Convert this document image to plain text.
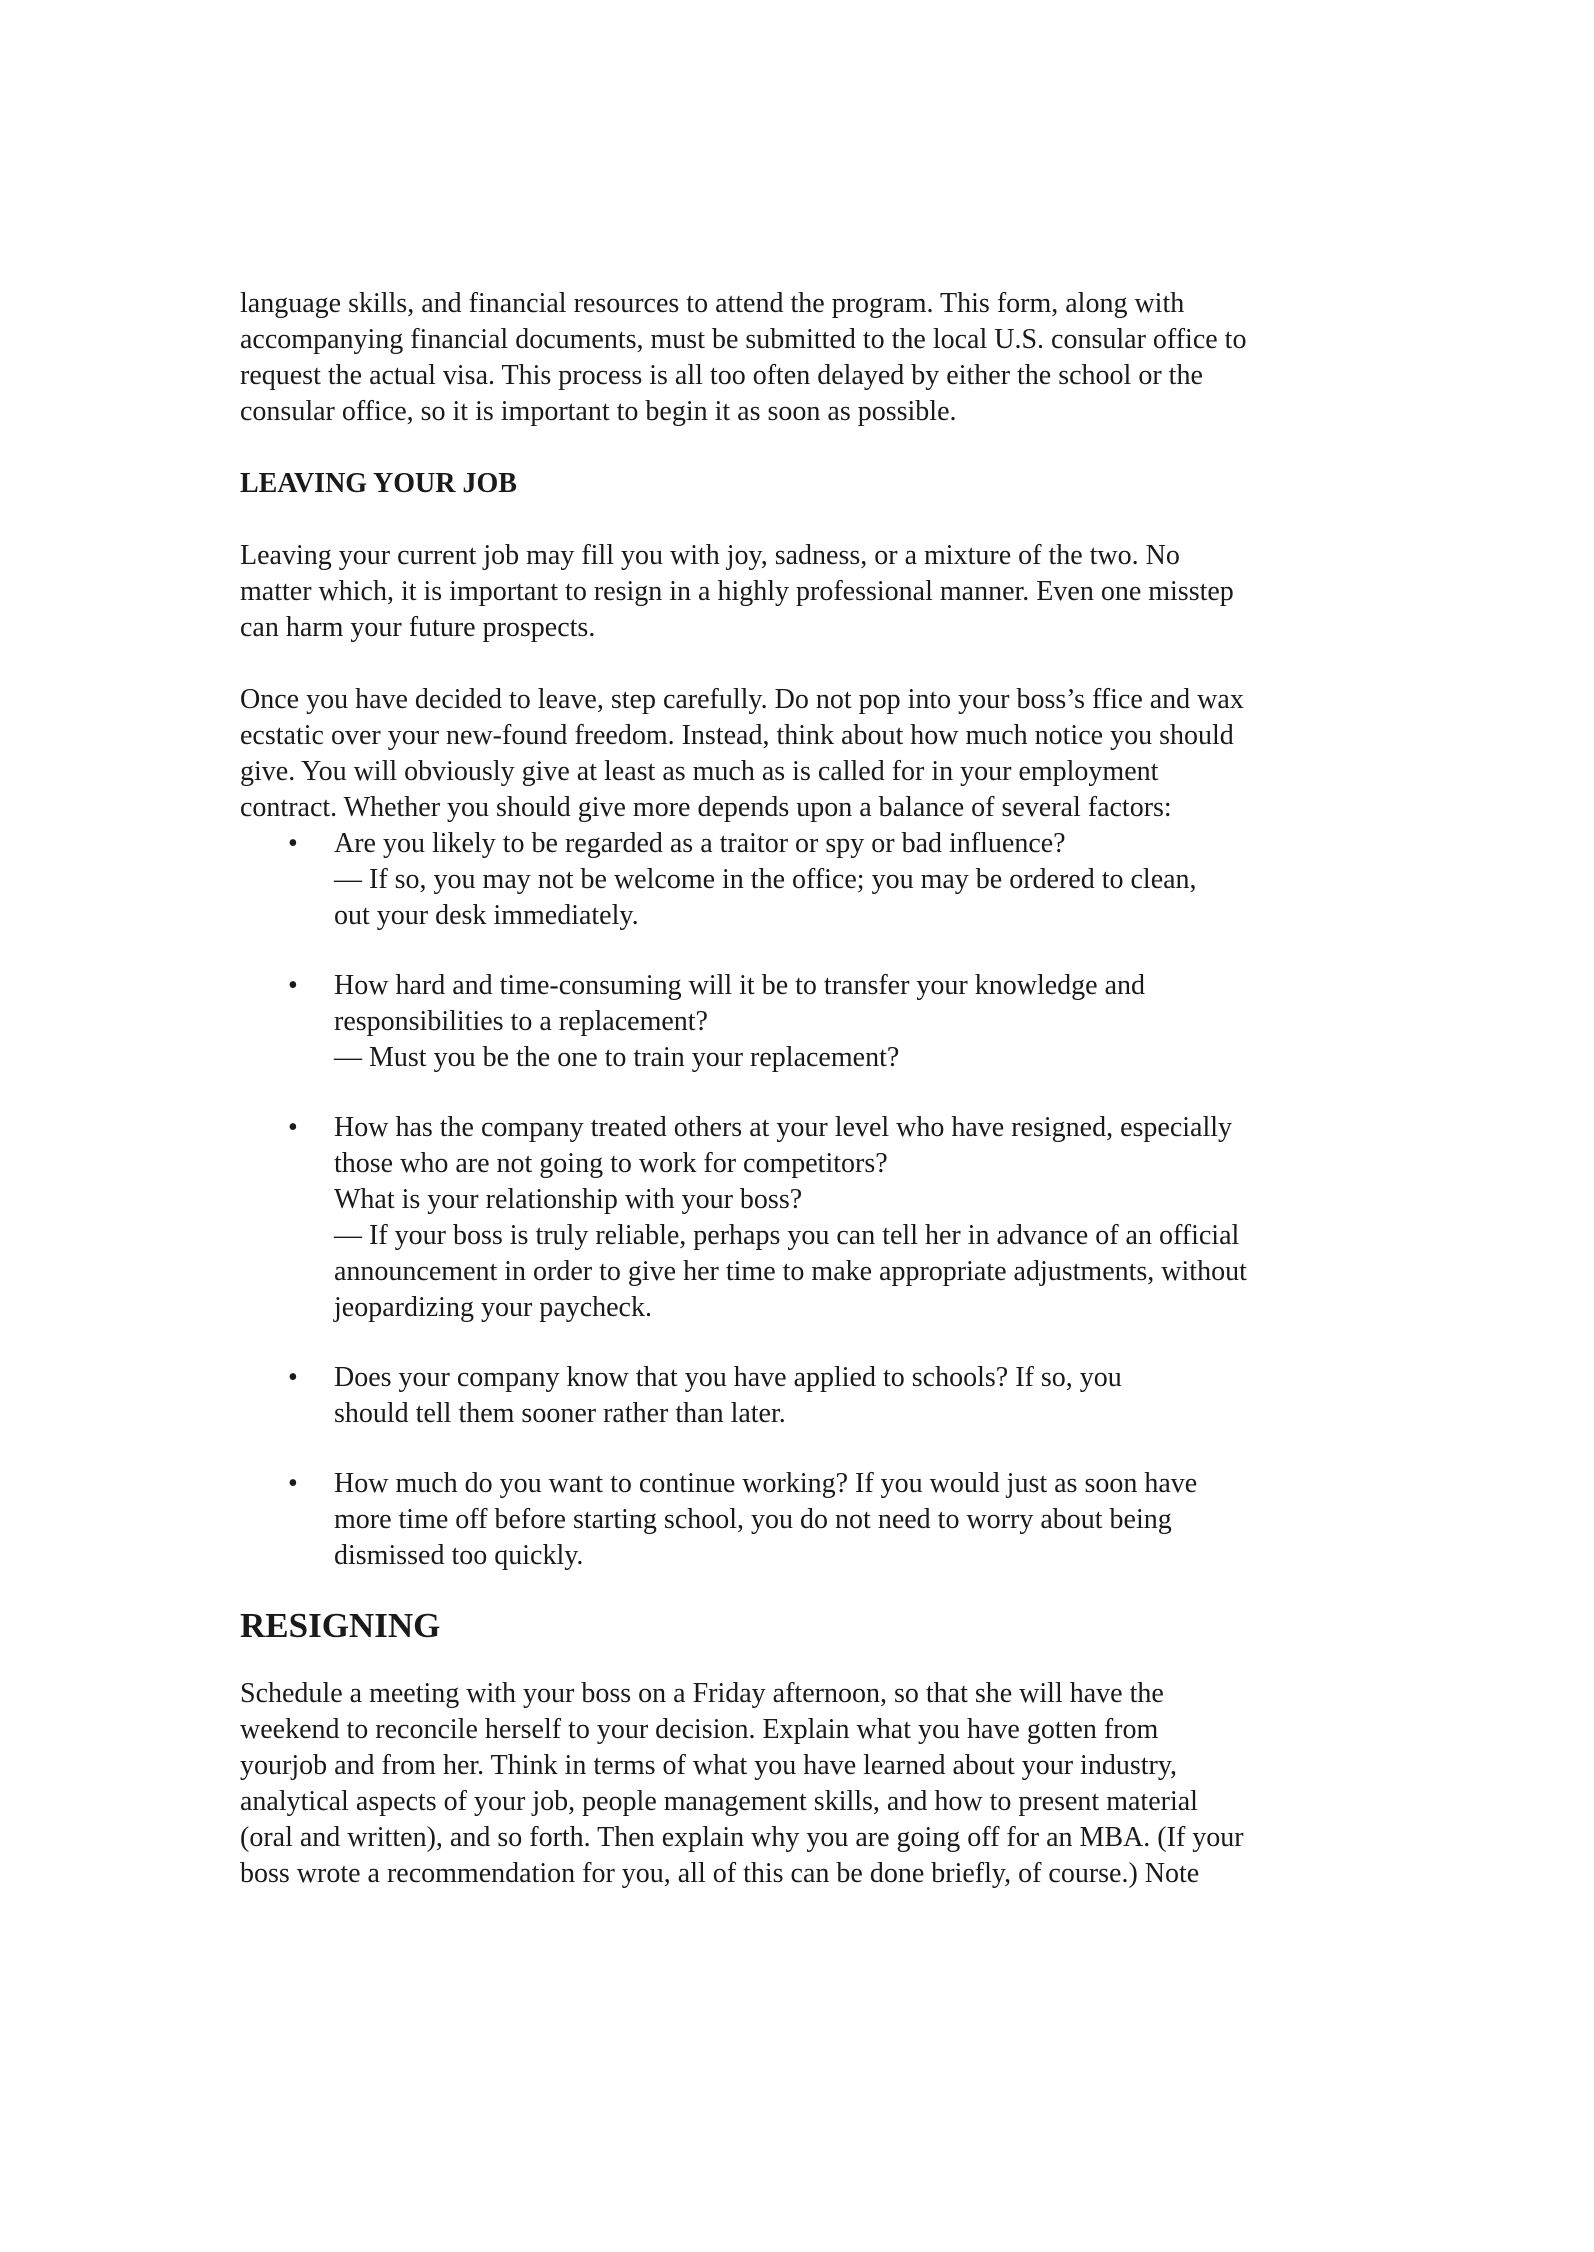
language skills, and financial resources to attend the program. This form, along with
accompanying financial documents, must be submitted to the local U.S. consular office to
request the actual visa. This process is all too often delayed by either the school or the
consular office, so it is important to begin it as soon as possible.

LEAVING YOUR JOB

Leaving your current job may fill you with joy, sadness, or a mixture of the two. No
matter which, it is important to resign in a highly professional manner. Even one misstep
can harm your future prospects.

Once you have decided to leave, step carefully. Do not pop into your boss’s ffice and wax
ecstatic over your new-found freedom. Instead, think about how much notice you should
give. You will obviously give at least as much as is called for in your employment
contract. Whether you should give more depends upon a balance of several factors:

• Are you likely to be regarded as a traitor or spy or bad influence?
— If so, you may not be welcome in the office; you may be ordered to clean,
out your desk immediately.
• How hard and time-consuming will it be to transfer your knowledge and
responsibilities to a replacement?
— Must you be the one to train your replacement?
• How has the company treated others at your level who have resigned, especially
those who are not going to work for competitors?
What is your relationship with your boss?
— If your boss is truly reliable, perhaps you can tell her in advance of an official
announcement in order to give her time to make appropriate adjustments, without
jeopardizing your paycheck.
• Does your company know that you have applied to schools? If so, you
should tell them sooner rather than later.
• How much do you want to continue working? If you would just as soon have
more time off before starting school, you do not need to worry about being
dismissed too quickly.
RESIGNING

Schedule a meeting with your boss on a Friday afternoon, so that she will have the
weekend to reconcile herself to your decision. Explain what you have gotten from
yourjob and from her. Think in terms of what you have learned about your industry,
analytical aspects of your job, people management skills, and how to present material
(oral and written), and so forth. Then explain why you are going off for an MBA. (If your
boss wrote a recommendation for you, all of this can be done briefly, of course.) Note
